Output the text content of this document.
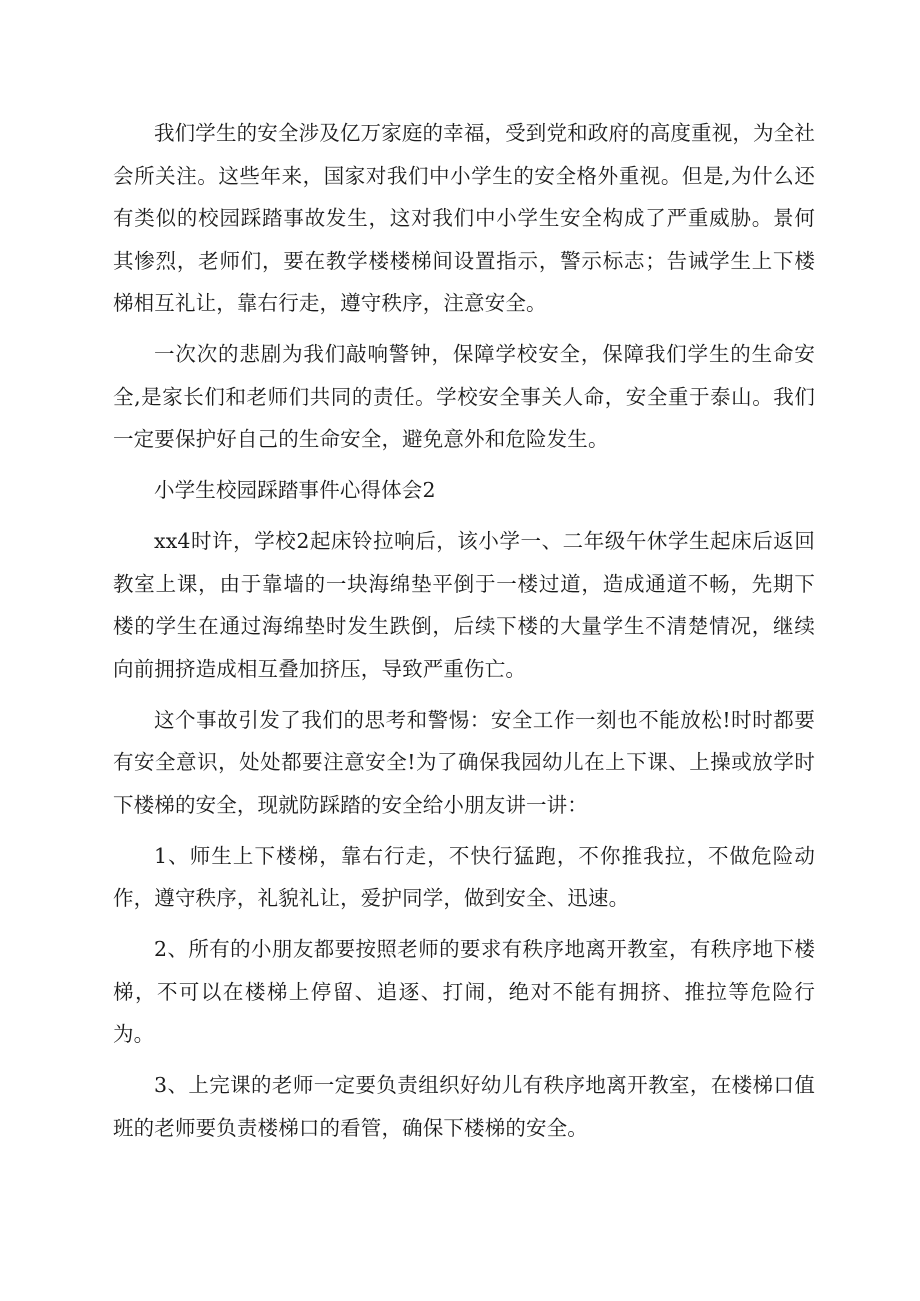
我们学生的安全涉及亿万家庭的幸福，受到党和政府的高度重视，为全社会所关注。这些年来，国家对我们中小学生的安全格外重视。但是,为什么还有类似的校园踩踏事故发生，这对我们中小学生安全构成了严重威胁。景何其惨烈，老师们，要在教学楼楼梯间设置指示，警示标志；告诫学生上下楼梯相互礼让，靠右行走，遵守秩序，注意安全。

一次次的悲剧为我们敲响警钟，保障学校安全，保障我们学生的生命安全,是家长们和老师们共同的责任。学校安全事关人命，安全重于泰山。我们一定要保护好自己的生命安全，避免意外和危险发生。

小学生校园踩踏事件心得体会2

xx4时许，学校2起床铃拉响后，该小学一、二年级午休学生起床后返回教室上课，由于靠墙的一块海绵垫平倒于一楼过道，造成通道不畅，先期下楼的学生在通过海绵垫时发生跌倒，后续下楼的大量学生不清楚情况，继续向前拥挤造成相互叠加挤压，导致严重伤亡。

这个事故引发了我们的思考和警惕：安全工作一刻也不能放松!时时都要有安全意识，处处都要注意安全!为了确保我园幼儿在上下课、上操或放学时下楼梯的安全，现就防踩踏的安全给小朋友讲一讲：

1、师生上下楼梯，靠右行走，不快行猛跑，不你推我拉，不做危险动作，遵守秩序，礼貌礼让，爱护同学，做到安全、迅速。

2、所有的小朋友都要按照老师的要求有秩序地离开教室，有秩序地下楼梯，不可以在楼梯上停留、追逐、打闹，绝对不能有拥挤、推拉等危险行为。

3、上完课的老师一定要负责组织好幼儿有秩序地离开教室，在楼梯口值班的老师要负责楼梯口的看管，确保下楼梯的安全。
